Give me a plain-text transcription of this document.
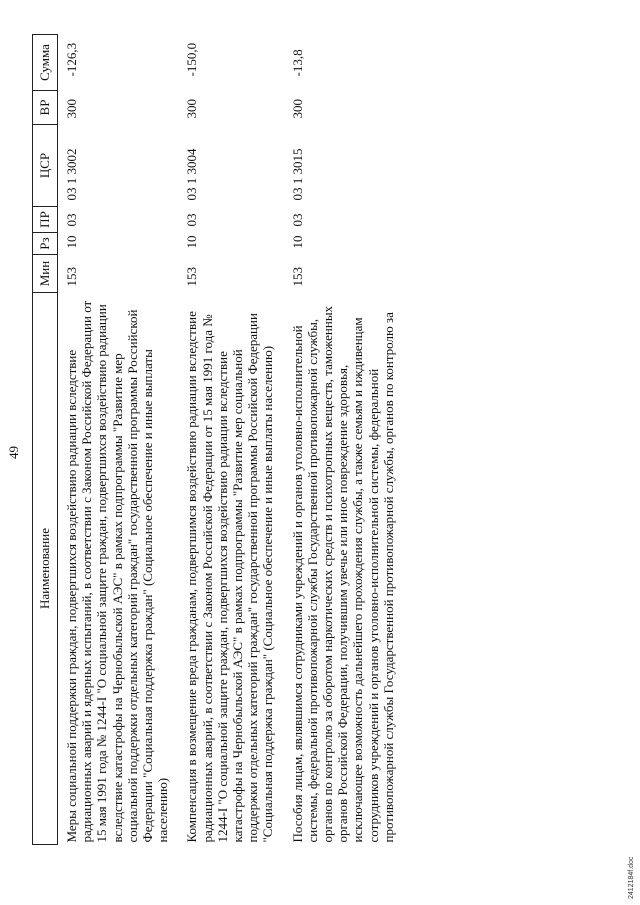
49
Наименование	Мин	Рз	ПР	ЦСР	ВР	Сумма
Меры социальной поддержки граждан, подвергшихся воздействию радиации вследствие радиационных аварий и ядерных испытаний, в соответствии с Законом Российской Федерации от 15 мая 1991 года № 1244-I "О социальной защите граждан, подвергшихся воздействию радиации вследствие катастрофы на Чернобыльской АЭС" в рамках подпрограммы "Развитие мер социальной поддержки отдельных категорий граждан" государственной программы Российской Федерации "Социальная поддержка граждан" (Социальное обеспечение и иные выплаты населению)	153	10	03	03 1 3002	300	-126,3
Компенсация в возмещение вреда гражданам, подвергшимся воздействию радиации вследствие радиационных аварий, в соответствии с Законом Российской Федерации от 15 мая 1991 года № 1244-I "О социальной защите граждан, подвергшихся воздействию радиации вследствие катастрофы на Чернобыльской АЭС" в рамках подпрограммы "Развитие мер социальной поддержки отдельных категорий граждан" государственной программы Российской Федерации "Социальная поддержка граждан" (Социальное обеспечение и иные выплаты населению)	153	10	03	03 1 3004	300	-150,0
Пособия лицам, являвшимся сотрудниками учреждений и органов уголовно-исполнительной системы, федеральной противопожарной службы Государственной противопожарной службы, органов по контролю за оборотом наркотических средств и психотропных веществ, таможенных органов Российской Федерации, получившим увечье или иное повреждение здоровья, исключающее возможность дальнейшего прохождения службы, а также семьям и иждивенцам сотрудников учреждений и органов уголовно-исполнительной системы, федеральной противопожарной службы Государственной противопожарной службы, органов по контролю за	153	10	03	03 1 3015	300	-13,8
2412184f.doc
